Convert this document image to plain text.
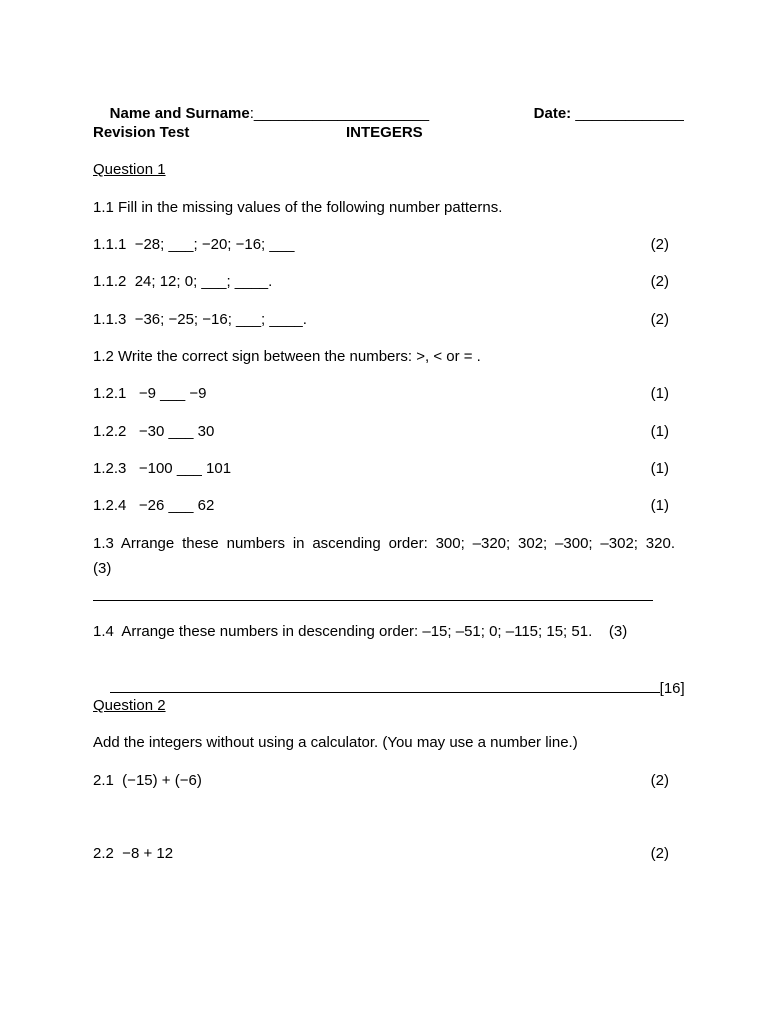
Name and Surname:_____________________
	Date: _____________

Revision Test	INTEGERS
Question 1
1.1 Fill in the missing values of the following number patterns.
1.1.1  −28; ___; −20; −16; ___	(2)
1.1.2  24; 12; 0; ___; ____.	(2)
1.1.3  −36; −25; −16; ___; ____.	(2)
1.2 Write the correct sign between the numbers: >, < or = .
1.2.1   −9 ___ −9	(1)
1.2.2   −30 ___ 30	(1)
1.2.3   −100 ___ 101	(1)
1.2.4   −26 ___ 62	(1)
1.3 Arrange these numbers in ascending order: 300; –320; 302; –300; –302; 320.
(3)
1.4  Arrange these numbers in descending order: –15; –51; 0; –115; 15; 51.    (3)

[16]

Question 2
Add the integers without using a calculator. (You may use a number line.)
2.1  (−15) + (−6)	(2)
2.2  −8 + 12	(2)
